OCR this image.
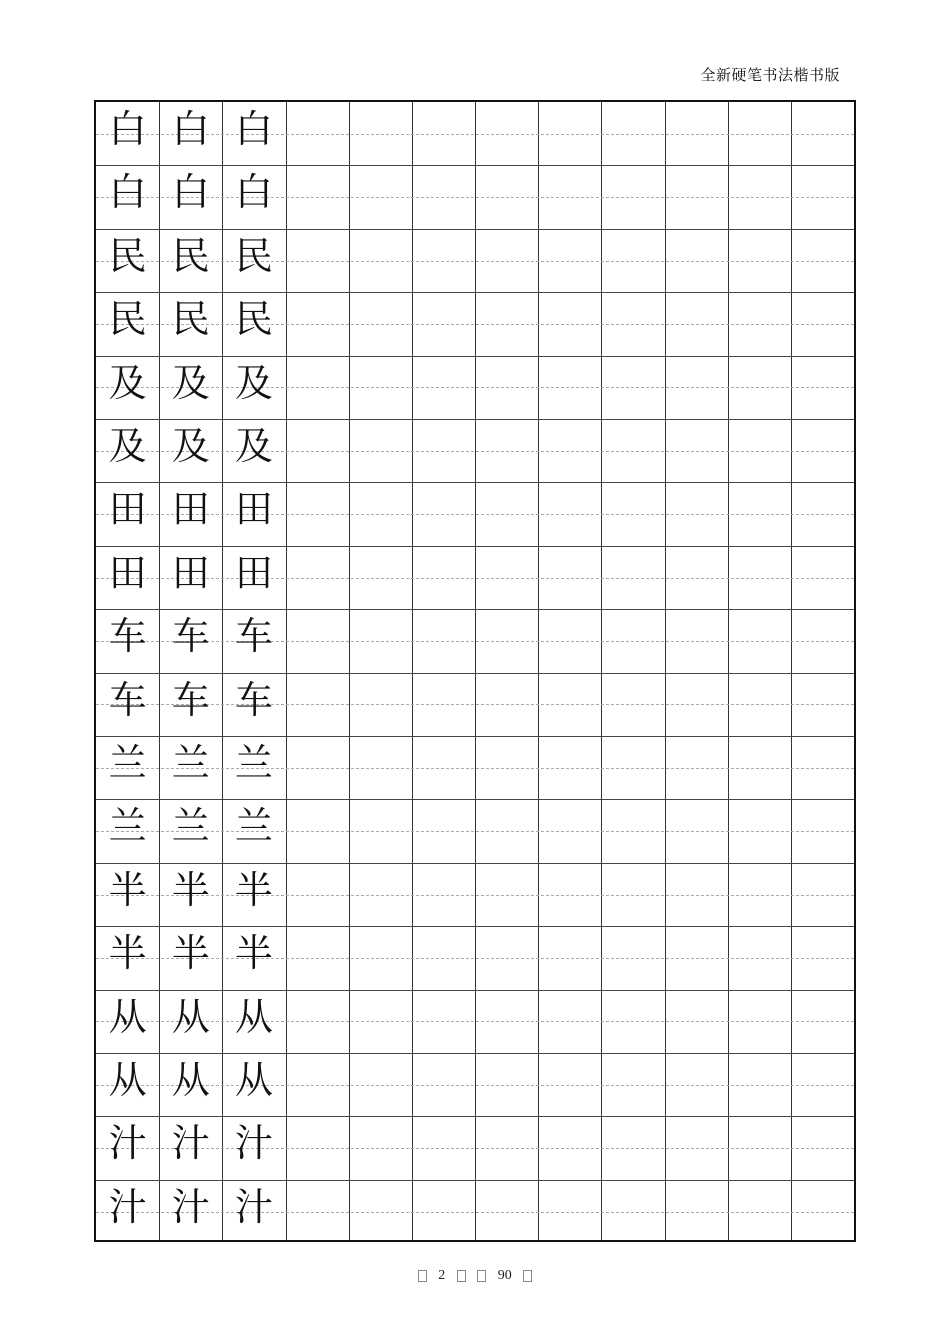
全新硬笔书法楷书版
白 白 白
白 白 白
民 民 民
民 民 民
及 及 及
及 及 及
田 田 田
田 田 田
车 车 车
车 车 车
兰 兰 兰
兰 兰 兰
半 半 半
半 半 半
从 从 从
从 从 从
汁 汁 汁
汁 汁 汁
2	90
